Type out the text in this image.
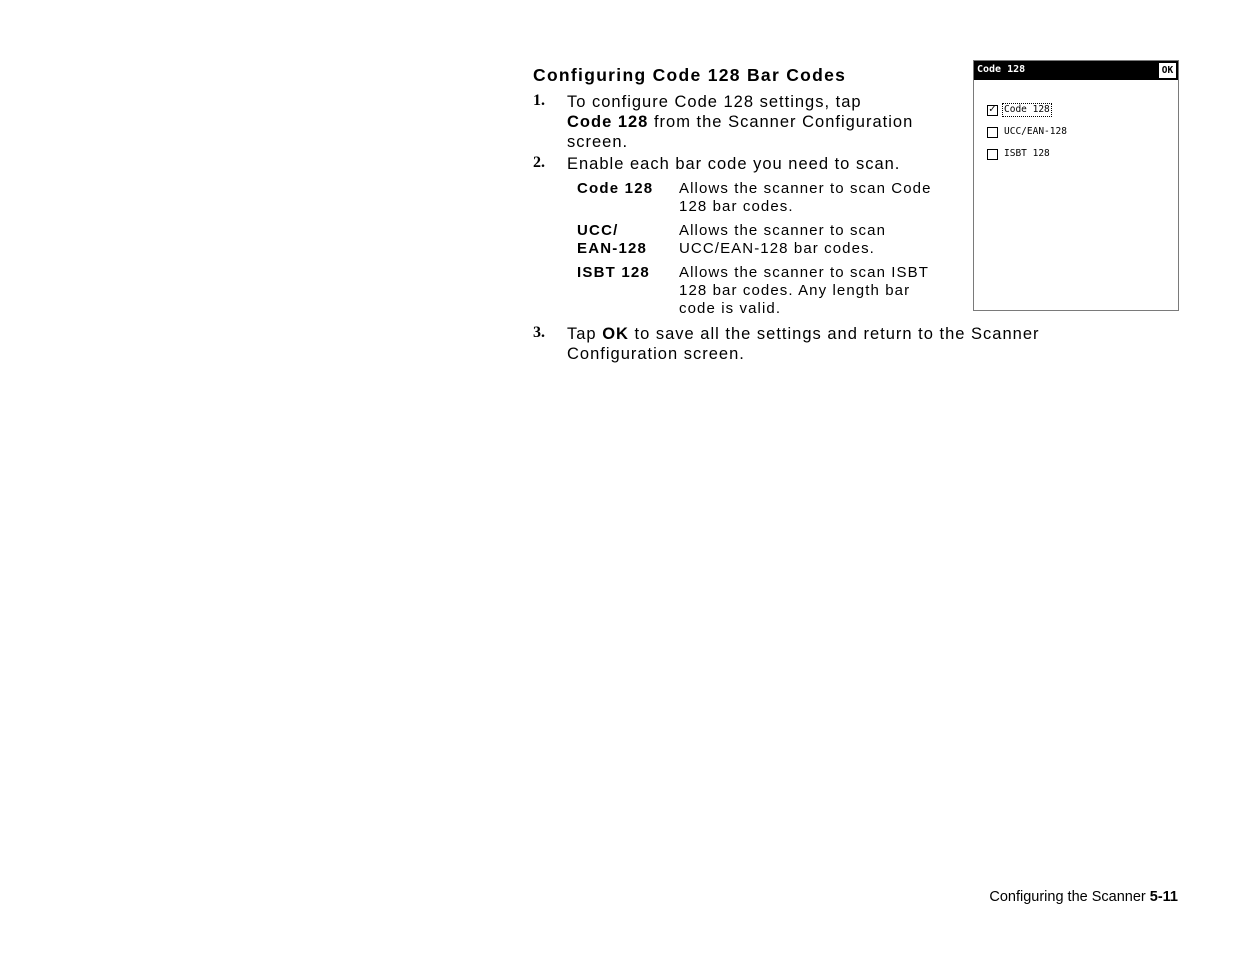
Configuring Code 128 Bar Codes
1. To configure Code 128 settings, tap
Code 128 from the Scanner Configuration
screen.
2. Enable each bar code you need to scan.
Code 128 Allows the scanner to scan Code
128 bar codes.
UCC/
EAN-128
Allows the scanner to scan
UCC/EAN-128 bar codes.
ISBT 128 Allows the scanner to scan ISBT
128 bar codes. Any length bar
code is valid.
3. Tap OK to save all the settings and return to the Scanner
Configuration screen.
Code 128	OK
✓ Code 128
UCC/EAN-128
ISBT 128
Configuring the Scanner 5-11
